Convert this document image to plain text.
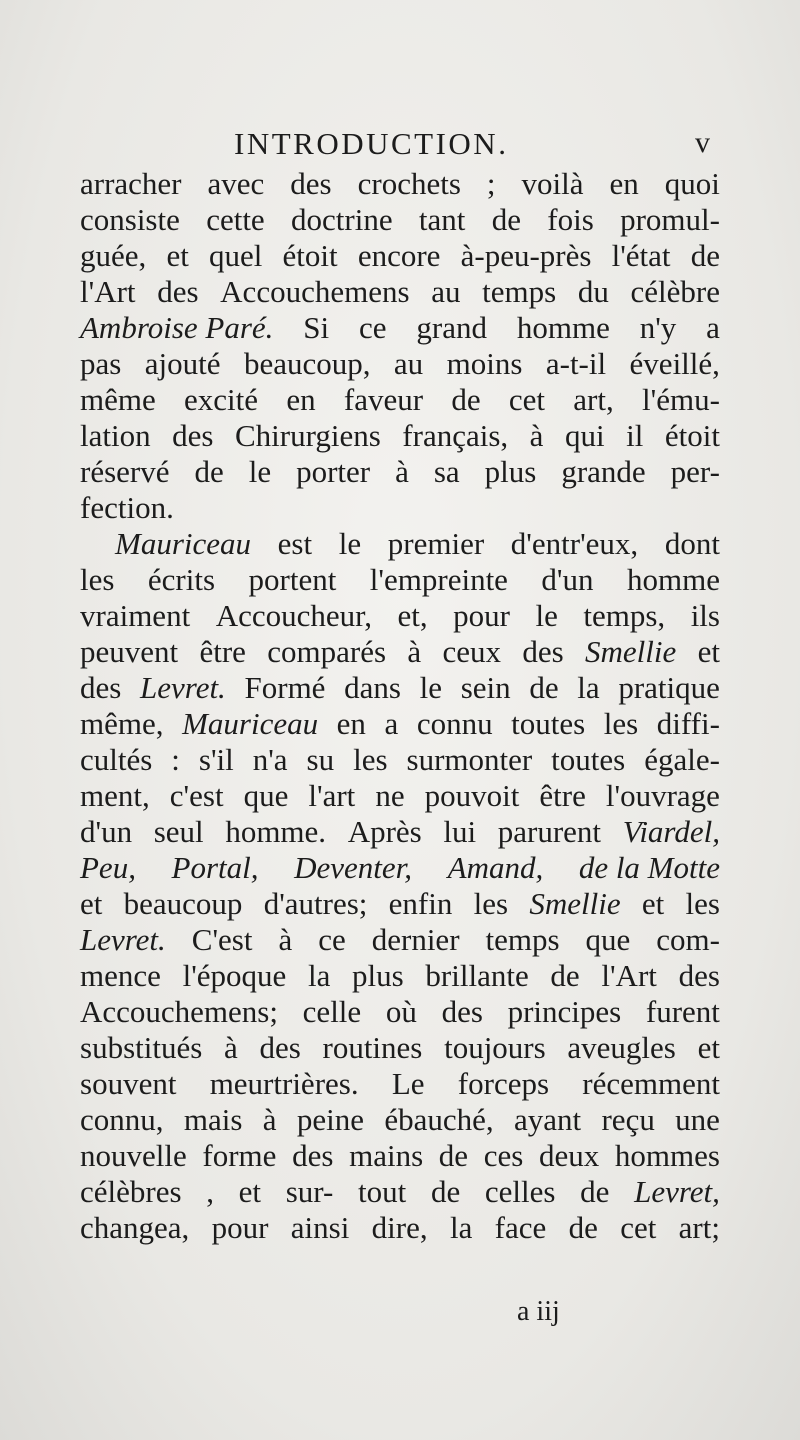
INTRODUCTION.	v
arracher avec des crochets ; voilà en quoi
consiste cette doctrine tant de fois promul-
guée, et quel étoit encore à-peu-près l'état de
l'Art des Accouchemens au temps du célèbre
Ambroise Paré. Si ce grand homme n'y a
pas ajouté beaucoup, au moins a-t-il éveillé,
même excité en faveur de cet art, l'ému-
lation des Chirurgiens français, à qui il étoit
réservé de le porter à sa plus grande per-
fection.
Mauriceau est le premier d'entr'eux, dont
les écrits portent l'empreinte d'un homme
vraiment Accoucheur, et, pour le temps, ils
peuvent être comparés à ceux des Smellie et
des Levret. Formé dans le sein de la pratique
même, Mauriceau en a connu toutes les diffi-
cultés : s'il n'a su les surmonter toutes égale-
ment, c'est que l'art ne pouvoit être l'ouvrage
d'un seul homme. Après lui parurent Viardel,
Peu, Portal, Deventer, Amand, de la Motte
et beaucoup d'autres; enfin les Smellie et les
Levret. C'est à ce dernier temps que com-
mence l'époque la plus brillante de l'Art des
Accouchemens; celle où des principes furent
substitués à des routines toujours aveugles et
souvent meurtrières. Le forceps récemment
connu, mais à peine ébauché, ayant reçu une
nouvelle forme des mains de ces deux hommes
célèbres , et sur- tout de celles de Levret,
changea, pour ainsi dire, la face de cet art;
a iij
